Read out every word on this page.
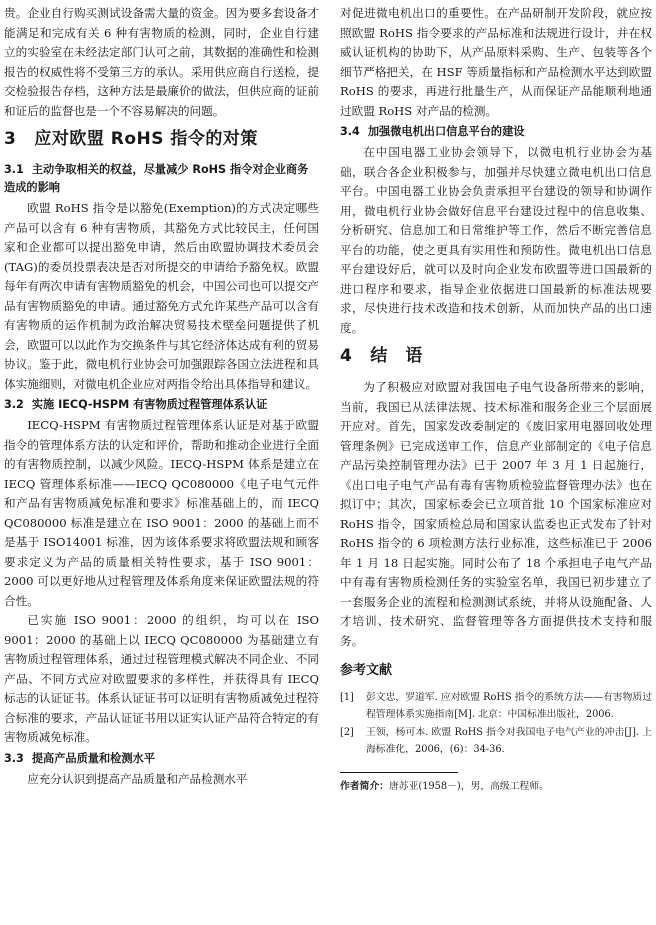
贵。企业自行购买测试设备需大量的资金。因为要多套设备才能满足和完成有关 6 种有害物质的检测，同时，企业自行建立的实验室在未经法定部门认可之前，其数据的准确性和检测报告的权威性将不受第三方的承认。采用供应商自行送检，提交检验报告存档，这种方法是最廉价的做法，但供应商的证前和证后的监督也是一个不容易解决的问题。

3 应对欧盟 RoHS 指令的对策
3.1 主动争取相关的权益，尽量减少 RoHS 指令对企业商务造成的影响

欧盟 RoHS 指令是以豁免(Exemption)的方式决定哪些产品可以含有 6 种有害物质，其豁免方式比较民主，任何国家和企业都可以提出豁免申请，然后由欧盟协调技术委员会(TAG)的委员投票表决是否对所提交的申请给予豁免权。欧盟每年有两次申请有害物质豁免的机会，中国公司也可以提交产品有害物质豁免的申请。通过豁免方式允许某些产品可以含有有害物质的运作机制为政治解决贸易技术壁垒问题提供了机会，欧盟可以以此作为交换条件与其它经济体达成有利的贸易协议。鉴于此，微电机行业协会可加强跟踪各国立法进程和具体实施细则，对微电机企业应对两指令给出具体指导和建议。

3.2 实施 IECQ-HSPM 有害物质过程管理体系认证

IECQ-HSPM 有害物质过程管理体系认证是对基于欧盟指令的管理体系方法的认定和评价，帮助和推动企业进行全面的有害物质控制，以减少风险。IECQ-HSPM 体系是建立在 IECQ 管理体系标准——IECQ QC080000《电子电气元件和产品有害物质减免标准和要求》标准基础上的，而 IECQ QC080000 标准是建立在 ISO 9001：2000 的基础上而不是基于 ISO14001 标准，因为该体系要求将欧盟法规和顾客要求定义为产品的质量相关特性要求，基于 ISO 9001：2000 可以更好地从过程管理及体系角度来保证欧盟法规的符合性。

已实施 ISO 9001：2000 的组织，均可以在 ISO 9001：2000 的基础上以 IECQ QC080000 为基础建立有害物质过程管理体系，通过过程管理模式解决不同企业、不同产品、不同方式应对欧盟要求的多样性，并获得具有 IECQ 标志的认证证书。体系认证证书可以证明有害物质减免过程符合标准的要求，产品认证证书用以证实认证产品符合特定的有害物质减免标准。

3.3 提高产品质量和检测水平

应充分认识到提高产品质量和产品检测水平

对促进微电机出口的重要性。在产品研制开发阶段，就应按照欧盟 RoHS 指令要求的产品标准和法规进行设计，并在权威认证机构的协助下，从产品原料采购、生产、包装等各个细节严格把关，在 HSF 等质量指标和产品检测水平达到欧盟 RoHS 的要求，再进行批量生产，从而保证产品能顺利地通过欧盟 RoHS 对产品的检测。

3.4 加强微电机出口信息平台的建设

在中国电器工业协会领导下，以微电机行业协会为基础，联合各企业积极参与，加强并尽快建立微电机出口信息平台。中国电器工业协会负责承担平台建设的领导和协调作用，微电机行业协会做好信息平台建设过程中的信息收集、分析研究、信息加工和日常维护等工作，然后不断完善信息平台的功能，使之更具有实用性和预防性。微电机出口信息平台建设好后，就可以及时向企业发布欧盟等进口国最新的进口程序和要求，指导企业依据进口国最新的标准法规要求，尽快进行技术改造和技术创新，从而加快产品的出口速度。

4 结　语

为了积极应对欧盟对我国电子电气设备所带来的影响，当前，我国已从法律法规、技术标准和服务企业三个层面展开应对。首先，国家发改委制定的《废旧家用电器回收处理管理条例》已完成送审工作，信息产业部制定的《电子信息产品污染控制管理办法》已于 2007 年 3 月 1 日起施行，《出口电子电气产品有毒有害物质检验监督管理办法》也在拟订中；其次，国家标委会已立项首批 10 个国家标准应对 RoHS 指令，国家质检总局和国家认监委也正式发布了针对 RoHS 指令的 6 项检测方法行业标准，这些标准已于 2006 年 1 月 18 日起实施。同时公布了 18 个承担电子电气产品中有毒有害物质检测任务的实验室名单，我国已初步建立了一套服务企业的流程和检测测试系统，并将从设施配备、人才培训、技术研究、监督管理等各方面提供技术支持和服务。

参考文献
[1]	彭文忠，罗道军. 应对欧盟 RoHS 指令的系统方法——有害物质过程管理体系实施指南[M]. 北京：中国标准出版社，2006.
[2]	王领，杨可本. 欧盟 RoHS 指令对我国电子电气产业的冲击[J]. 上海标准化，2006，(6)：34-36.
作者简介：唐苏亚(1958－)，男，高级工程师。
